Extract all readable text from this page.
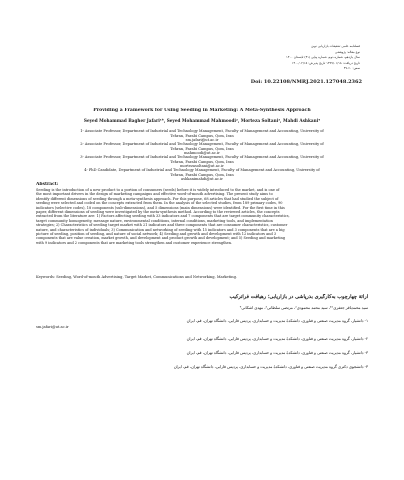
فصلنامه علمی تحقیقات بازاریابی نوین
نوع مقاله: پژوهشی
سال یازدهم، شماره دوم، شماره پیاپی (۴۱) تابستان ۱۴۰۰
تاریخ دریافت: ۱۳۹۹/۰۱/۱۸ تاریخ پذیرش: ۱۴۰۰/۰۲/۱۵
صص: ۶۰-۴۷
Doi: 10.22108/NMRJ.2021.127048.2362
Providing a Framework for Using Seeding in Marketing: A Meta-Synthesis Approach
Seyed Mohammad Bagher Jafari¹*, Seyed Mohammad Mahmoodi², Morteza Soltani³, Mahdi Ashkani⁴
1- Associate Professor, Department of Industrial and Technology Management, Faculty of Management and Accounting, University of
Tehran, Farabi Campus, Qom, Iran
sm.jafari@ut.ac.ir
2- Associate Professor, Department of Industrial and Technology Management, Faculty of Management and Accounting, University of
Tehran, Farabi Campus, Qom, Iran
mahmoodi@ut.ac.ir
3- Associate Professor, Department of Industrial and Technology Management, Faculty of Management and Accounting, University of
Tehran, Farabi Campus, Qom, Iran
mortezasoltani@ut.ac.ir
4- PhD Candidate, Department of Industrial and Technology Management, Faculty of Management and Accounting, University of
Tehran, Farabi Campus, Qom, Iran
ashkanimahdi@ut.ac.ir
Abstract:
Seeding is the introduction of a new product to a portion of consumers (seeds) before it is widely introduced to the market, and is one of
the most important drivers in the design of marketing campaigns and effective word-of-mouth advertising. The present study aims to
identify different dimensions of seeding through a meta-synthesis approach. For this purpose, 68 articles that had studied the subject of
seeding were selected and coded on the concepts extracted from them. In the analysis of the selected studies, from 189 primary codes, 90
indicators (selective codes), 18 components (sub-dimensions), and 5 dimensions (main dimensions) were identified. For the first time in this
paper, different dimensions of seeding were investigated by the meta-synthesis method. According to the reviewed articles, the concepts
extracted from the literature are: 1) Factors affecting seeding with 33 indicators and 7 components that are target community characteristics,
target community homogeneity, message nature, environmental conditions, internal conditions, marketing tools, and implementation
strategies; 2) Characteristics of seeding target market with 21 indicators and three components that are consumer characteristics, customer
nature, and characteristics of individuals; 3) Communication and networking of seeding with 15 indicators and 3 components that are a big
picture of seeding, position of seeding, and nature of social network; 4) Seeding and growth and development with 12 indicators and 3
components that are value creation, market growth, and development and product growth and development; and 5) Seeding and marketing
with 9 indicators and 2 components that are marketing tools strengthen and customer experience strengthen.
Keywords: Seeding, Word-of-mouth Advertising, Target Market, Communications and Networking, Marketing.
ارائهٔ چهارچوب به‌کارگیری بذرپاشی در بازاریابی؛ رهیافت فراترکیب
سید محمدباقر جعفری¹*، سید محمد محمودی²، مرتضی سلطانی³، مهدی اشکانی⁴
۱- دانشیار، گروه مدیریت صنعتی و فناوری، دانشکدهٔ مدیریت و حسابداری، پردیس فارابی، دانشگاه تهران، قم، ایران
sm.jafari@ut.ac.ir
۲- دانشیار، گروه مدیریت صنعتی و فناوری، دانشکدهٔ مدیریت و حسابداری، پردیس فارابی، دانشگاه تهران، قم، ایران
۳- دانشیار، گروه مدیریت صنعتی و فناوری، دانشکدهٔ مدیریت و حسابداری، پردیس فارابی، دانشگاه تهران، قم، ایران
۴- دانشجوی دکتری گروه مدیریت صنعتی و فناوری، دانشکدهٔ مدیریت و حسابداری، پردیس فارابی، دانشگاه تهران، قم، ایران
